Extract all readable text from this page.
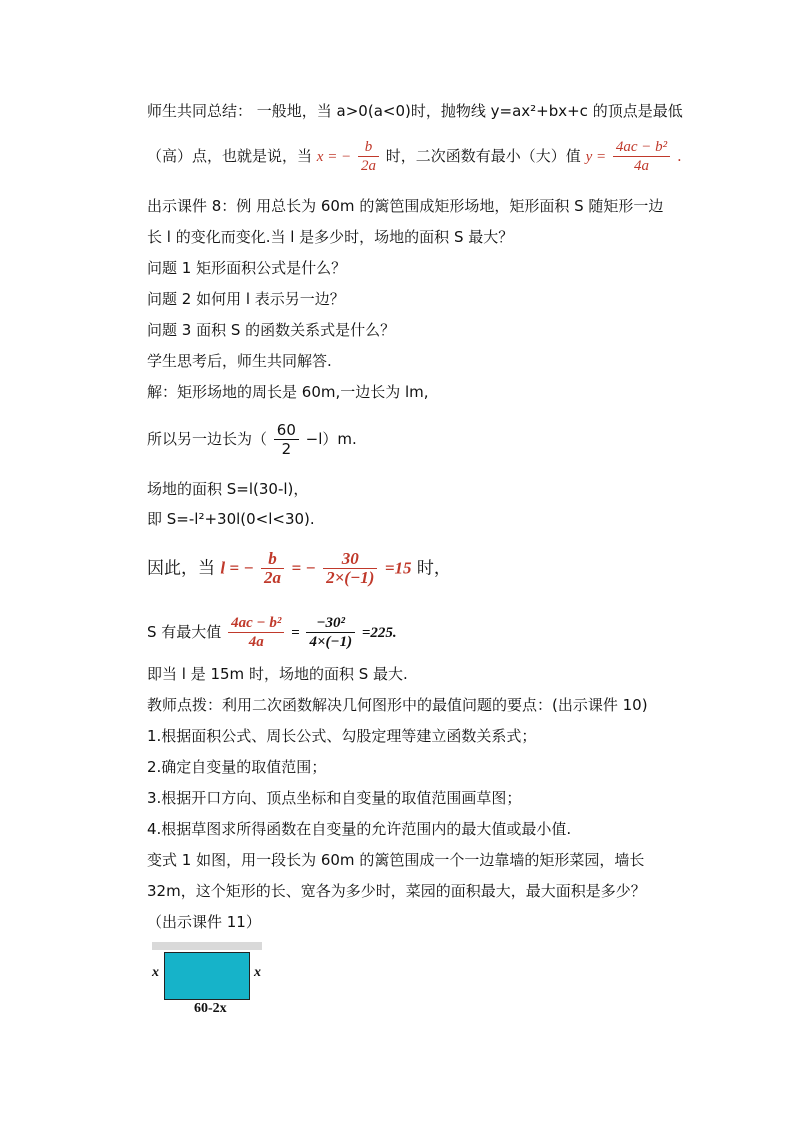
师生共同总结： 一般地，当 a>0(a<0)时，抛物线 y=ax²+bx+c 的顶点是最低
（高）点，也就是说，当 x = − $\frac{b}{2a}$ 时，二次函数有最小（大）值 $y = \frac{\text{4ac − b²}}{4a}$ .
出示课件 8：例 用总长为 60m 的篱笆围成矩形场地，矩形面积 S 随矩形一边
长 l 的变化而变化.当 l 是多少时，场地的面积 S 最大？
问题 1 矩形面积公式是什么？
问题 2 如何用 l 表示另一边？
问题 3 面积 S 的函数关系式是什么？
学生思考后，师生共同解答.
解：矩形场地的周长是 60m,一边长为 lm,
所以另一边长为（ $\frac{60}{2} -l)m$.
场地的面积 S=l(30-l)，
即 S=-l²+30l(0<l<30).
因此，当 l = − $\frac{b}{2a}$ = − $\frac{30}{2\times(-1)} =15$ 时，
S 有最大值 $\frac{\text{4ac − b²}}{4a} = \frac{\text{−30²}}{4\times(-1)} =225$.
即当 l 是 15m 时，场地的面积 S 最大.
教师点拨：利用二次函数解决几何图形中的最值问题的要点：(出示课件 10)
1.根据面积公式、周长公式、勾股定理等建立函数关系式；
2.确定自变量的取值范围；
3.根据开口方向、顶点坐标和自变量的取值范围画草图；
4.根据草图求所得函数在自变量的允许范围内的最大值或最小值.
变式 1 如图，用一段长为 60m 的篱笆围成一个一边靠墙的矩形菜园，墙长
32m，这个矩形的长、宽各为多少时，菜园的面积最大，最大面积是多少？
（出示课件 11）
x	x
60-2x
